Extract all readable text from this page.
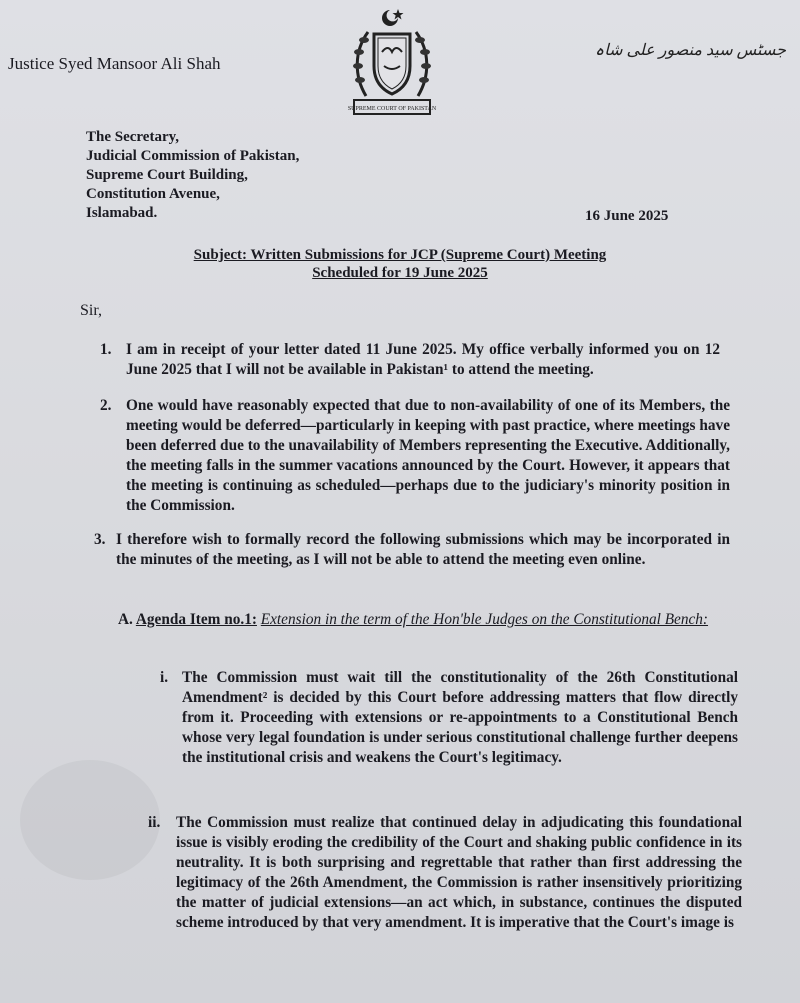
Justice Syed Mansoor Ali Shah
جسٹس سید منصور علی شاہ
SUPREME COURT OF PAKISTAN
The Secretary,
Judicial Commission of Pakistan,
Supreme Court Building,
Constitution Avenue,
Islamabad.	16 June 2025
Subject: Written Submissions for JCP (Supreme Court) Meeting
Scheduled for 19 June 2025
Sir,
1. I am in receipt of your letter dated 11 June 2025. My office verbally informed you on 12 June 2025 that I will not be available in Pakistan¹ to attend the meeting.
2. One would have reasonably expected that due to non-availability of one of its Members, the meeting would be deferred—particularly in keeping with past practice, where meetings have been deferred due to the unavailability of Members representing the Executive. Additionally, the meeting falls in the summer vacations announced by the Court. However, it appears that the meeting is continuing as scheduled—perhaps due to the judiciary's minority position in the Commission.
3. I therefore wish to formally record the following submissions which may be incorporated in the minutes of the meeting, as I will not be able to attend the meeting even online.
A. Agenda Item no.1: Extension in the term of the Hon'ble Judges on the Constitutional Bench:
i. The Commission must wait till the constitutionality of the 26th Constitutional Amendment² is decided by this Court before addressing matters that flow directly from it. Proceeding with extensions or re-appointments to a Constitutional Bench whose very legal foundation is under serious constitutional challenge further deepens the institutional crisis and weakens the Court's legitimacy.
ii. The Commission must realize that continued delay in adjudicating this foundational issue is visibly eroding the credibility of the Court and shaking public confidence in its neutrality. It is both surprising and regrettable that rather than first addressing the legitimacy of the 26th Amendment, the Commission is rather insensitively prioritizing the matter of judicial extensions—an act which, in substance, continues the disputed scheme introduced by that very amendment. It is imperative that the Court's image is
